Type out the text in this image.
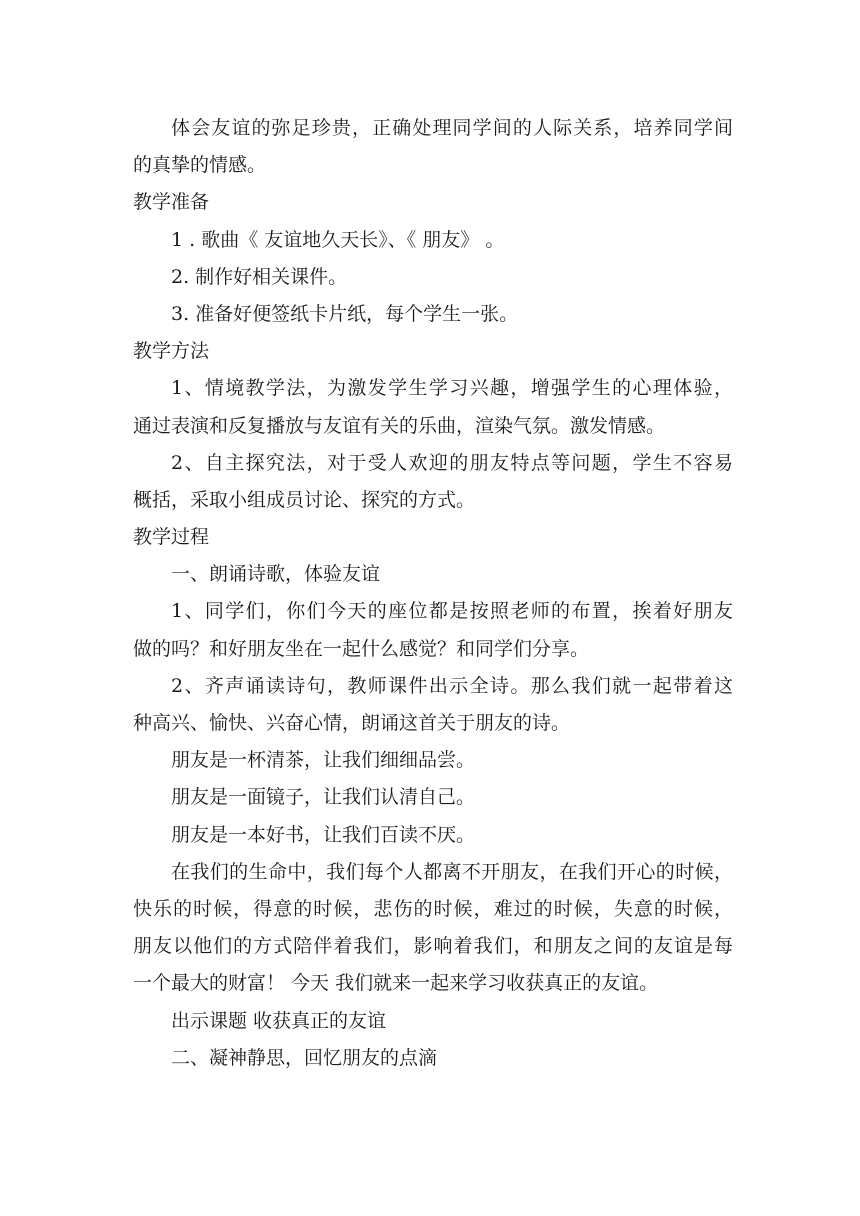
体会友谊的弥足珍贵，正确处理同学间的人际关系，培养同学间

的真挚的情感。

教学准备

1 . 歌曲《 友谊地久天长》、《 朋友》 。

2. 制作好相关课件。

3. 准备好便签纸卡片纸，每个学生一张。

教学方法

1、情境教学法，为激发学生学习兴趣，增强学生的心理体验，

通过表演和反复播放与友谊有关的乐曲，渲染气氛。激发情感。

2、自主探究法，对于受人欢迎的朋友特点等问题，学生不容易

概括，采取小组成员讨论、探究的方式。

教学过程

一、朗诵诗歌，体验友谊

1、同学们，你们今天的座位都是按照老师的布置，挨着好朋友

做的吗？和好朋友坐在一起什么感觉？和同学们分享。

2、齐声诵读诗句，教师课件出示全诗。那么我们就一起带着这

种高兴、愉快、兴奋心情，朗诵这首关于朋友的诗。

朋友是一杯清茶，让我们细细品尝。

朋友是一面镜子，让我们认清自己。

朋友是一本好书，让我们百读不厌。

在我们的生命中，我们每个人都离不开朋友，在我们开心的时候，

快乐的时候，得意的时候，悲伤的时候，难过的时候，失意的时候，

朋友以他们的方式陪伴着我们，影响着我们，和朋友之间的友谊是每

一个最大的财富！ 今天 我们就来一起来学习收获真正的友谊。

出示课题 收获真正的友谊

二、凝神静思，回忆朋友的点滴
